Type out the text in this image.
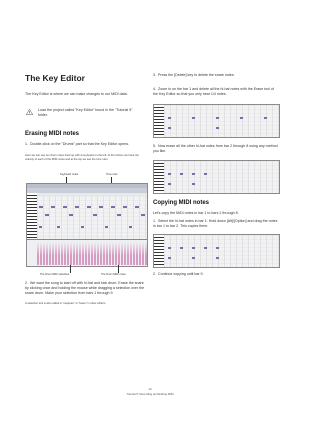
The Key Editor
The Key Editor is where we can make changes to our MIDI data.
Load the project called "Key Editor" found in the "Tutorial 5" folder.
Erasing MIDI notes
1.  Double-click on the "Drums" part so that the Key Editor opens.
Here we can see our drum notes lined up with a keyboard on the left. At the bottom we have the velocity of each of the MIDI notes and at the top we see the time ruler.
Keyboard notes	Time ruler
The Drum MIDI velocities	The Drum MIDI notes
2.  We want the song to start off with hi-hat and kick drum. Erase the snare by clicking once and holding the mouse while dragging a selection over the snare drum. Make your selection from bars 1 through 9.
A selection tool is also called a "marquee" or "lasso" in other editors.
3.  Press the [Delete] key to delete the snare notes.
4.  Zoom in on the bar 1 and delete all the hi-hat notes with the Erase tool of the Key Editor so that you only hear 1/4 notes.
5.  Now erase all the other hi-hat notes from bar 2 through 8 using any method you like.
Copying MIDI notes
Let's copy the MIDI notes in bar 1 to bars 2 through 8.
1.  Select the hi-hat notes in bar 1. Hold down [Alt]/[Option] and drag the notes in bar 1 to bar 2. This copies them.
2.  Continue copying until bar 9.
44
Tutorial 5: Recording and Editing MIDI
